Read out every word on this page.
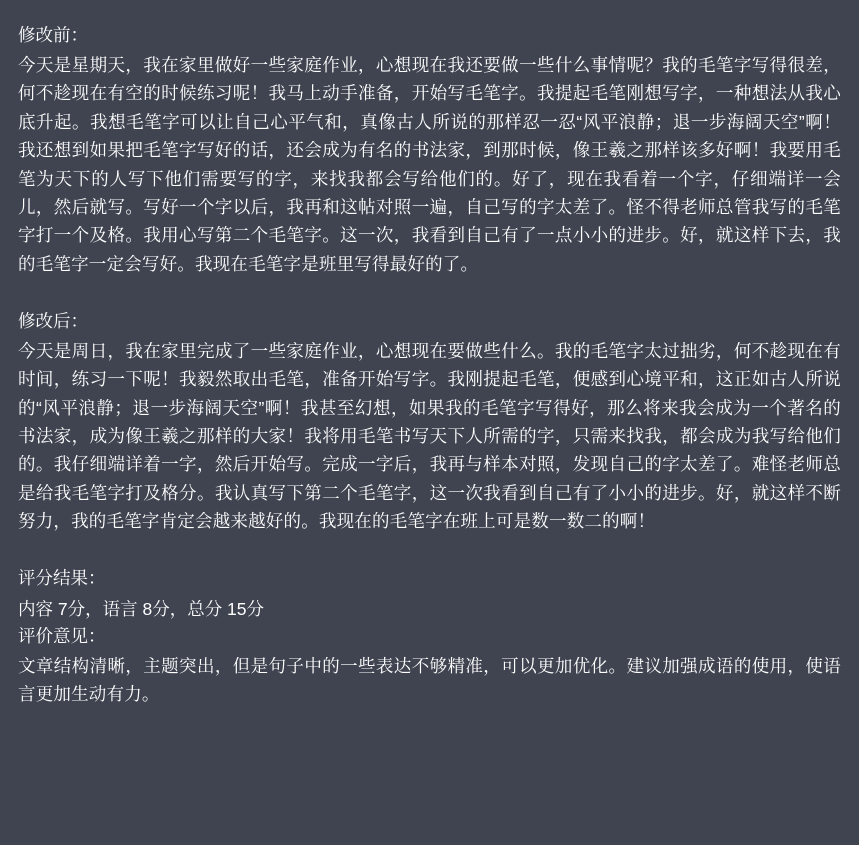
修改前：

今天是星期天，我在家里做好一些家庭作业，心想现在我还要做一些什么事情呢？我的毛笔字写得很差，何不趁现在有空的时候练习呢！我马上动手准备，开始写毛笔字。我提起毛笔刚想写字，一种想法从我心底升起。我想毛笔字可以让自己心平气和，真像古人所说的那样忍一忍“风平浪静；退一步海阔天空”啊！我还想到如果把毛笔字写好的话，还会成为有名的书法家，到那时候，像王羲之那样该多好啊！我要用毛笔为天下的人写下他们需要写的字，来找我都会写给他们的。好了，现在我看着一个字，仔细端详一会儿，然后就写。写好一个字以后，我再和这帖对照一遍，自己写的字太差了。怪不得老师总管我写的毛笔字打一个及格。我用心写第二个毛笔字。这一次，我看到自己有了一点小小的进步。好，就这样下去，我的毛笔字一定会写好。我现在毛笔字是班里写得最好的了。

修改后：

今天是周日，我在家里完成了一些家庭作业，心想现在要做些什么。我的毛笔字太过拙劣，何不趁现在有时间，练习一下呢！我毅然取出毛笔，准备开始写字。我刚提起毛笔，便感到心境平和，这正如古人所说的“风平浪静；退一步海阔天空”啊！我甚至幻想，如果我的毛笔字写得好，那么将来我会成为一个著名的书法家，成为像王羲之那样的大家！我将用毛笔书写天下人所需的字，只需来找我，都会成为我写给他们的。我仔细端详着一字，然后开始写。完成一字后，我再与样本对照，发现自己的字太差了。难怪老师总是给我毛笔字打及格分。我认真写下第二个毛笔字，这一次我看到自己有了小小的进步。好，就这样不断努力，我的毛笔字肯定会越来越好的。我现在的毛笔字在班上可是数一数二的啊！

评分结果：

内容 7分，语言 8分，总分 15分

评价意见：

文章结构清晰，主题突出，但是句子中的一些表达不够精准，可以更加优化。建议加强成语的使用，使语言更加生动有力。
